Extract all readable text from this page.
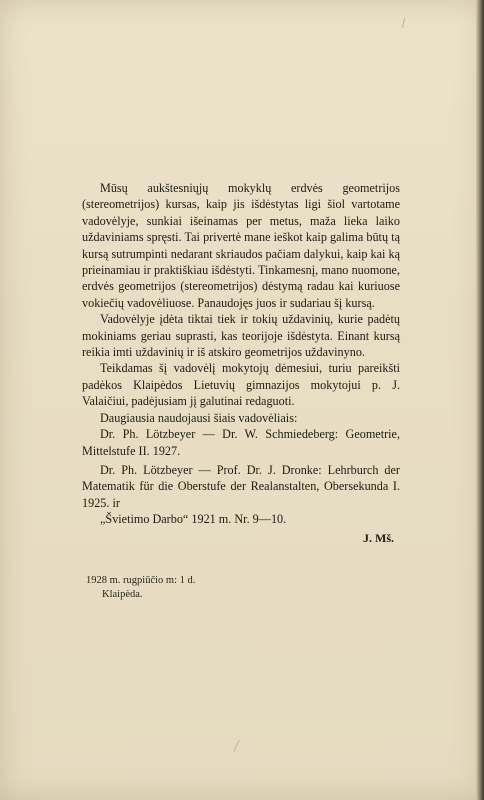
Mūsų aukštesniųjų mokyklų erdvės geometrijos (stereometrijos) kursas, kaip jis išdėstytas ligi šiol vartotame vadovėlyje, sunkiai išeinamas per metus, maža lieka laiko uždaviniams spręsti. Tai privertė mane ieškot kaip galima būtų tą kursą sutrumpinti nedarant skriaudos pačiam dalykui, kaip kai ką prieinamiau ir praktiškiau išdėstyti. Tinkamesnį, mano nuomone, erdvės geometrijos (stereometrijos) dėstymą radau kai kuriuose vokiečių vadovėliuose. Panaudojęs juos ir sudariau šį kursą.

Vadovėlyje įdėta tiktai tiek ir tokių uždavinių, kurie padėtų mokiniams geriau suprasti, kas teorijoje išdėstyta. Einant kursą reikia imti uždavinių ir iš atskiro geometrijos uždavinyno.

Teikdamas šį vadovėlį mokytojų dėmesiui, turiu pareikšti padėkos Klaipėdos Lietuvių gimnazijos mokytojui p. J. Valaičiui, padėjusiam jį galutinai redaguoti.

Daugiausia naudojausi šiais vadovėliais:

Dr. Ph. Lötzbeyer — Dr. W. Schmiedeberg: Geometrie, Mittelstufe II. 1927.

Dr. Ph. Lötzbeyer — Prof. Dr. J. Dronke: Lehrburch der Matematik für die Oberstufe der Realanstalten, Obersekunda I. 1925. ir

„Švietimo Darbo“ 1921 m. Nr. 9—10.

J. Mš.

1928 m. rugpiūčio m: 1 d.
Klaipėda.
